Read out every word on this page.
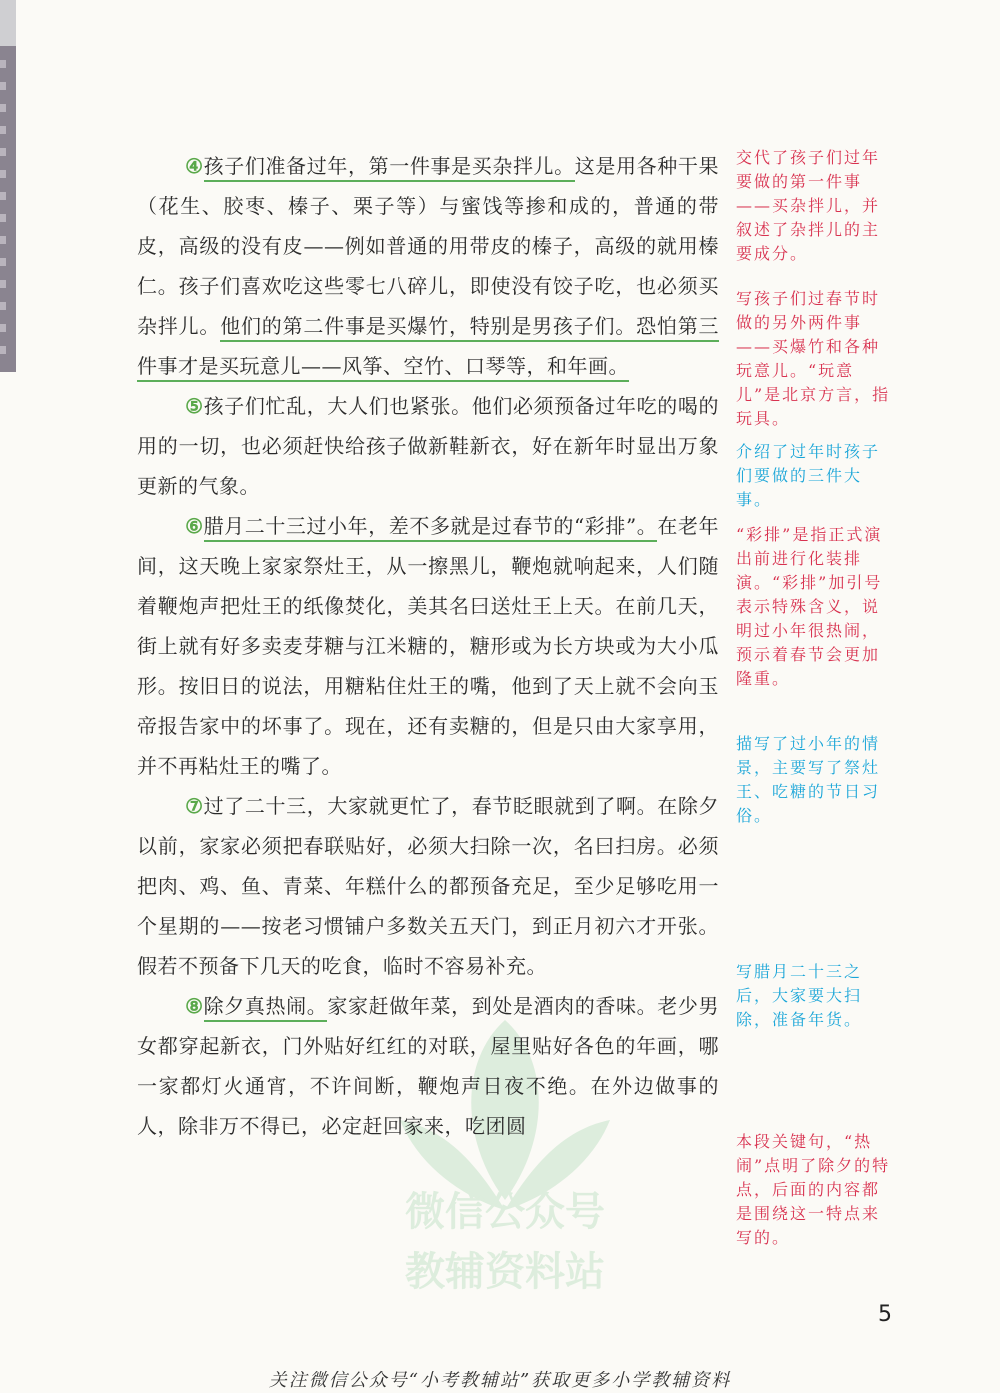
微信公众号
教辅资料站

④孩子们准备过年，第一件事是买杂拌儿。这是用各种干果（花生、胶枣、榛子、栗子等）与蜜饯等掺和成的，普通的带皮，高级的没有皮——例如普通的用带皮的榛子，高级的就用榛仁。孩子们喜欢吃这些零七八碎儿，即使没有饺子吃，也必须买杂拌儿。他们的第二件事是买爆竹，特别是男孩子们。恐怕第三件事才是买玩意儿——风筝、空竹、口琴等，和年画。

⑤孩子们忙乱，大人们也紧张。他们必须预备过年吃的喝的用的一切，也必须赶快给孩子做新鞋新衣，好在新年时显出万象更新的气象。

⑥腊月二十三过小年，差不多就是过春节的“彩排”。在老年间，这天晚上家家祭灶王，从一擦黑儿，鞭炮就响起来，人们随着鞭炮声把灶王的纸像焚化，美其名曰送灶王上天。在前几天，街上就有好多卖麦芽糖与江米糖的，糖形或为长方块或为大小瓜形。按旧日的说法，用糖粘住灶王的嘴，他到了天上就不会向玉帝报告家中的坏事了。现在，还有卖糖的，但是只由大家享用，并不再粘灶王的嘴了。

⑦过了二十三，大家就更忙了，春节眨眼就到了啊。在除夕以前，家家必须把春联贴好，必须大扫除一次，名曰扫房。必须把肉、鸡、鱼、青菜、年糕什么的都预备充足，至少足够吃用一个星期的——按老习惯铺户多数关五天门，到正月初六才开张。假若不预备下几天的吃食，临时不容易补充。

⑧除夕真热闹。家家赶做年菜，到处是酒肉的香味。老少男女都穿起新衣，门外贴好红红的对联，屋里贴好各色的年画，哪一家都灯火通宵，不许间断，鞭炮声日夜不绝。在外边做事的人，除非万不得已，必定赶回家来，吃团圆

交代了孩子们过年要做的第一件事——买杂拌儿，并叙述了杂拌儿的主要成分。

写孩子们过春节时做的另外两件事——买爆竹和各种玩意儿。“玩意儿”是北京方言，指玩具。

介绍了过年时孩子们要做的三件大事。

“彩排”是指正式演出前进行化装排演。“彩排”加引号表示特殊含义，说明过小年很热闹，预示着春节会更加隆重。

描写了过小年的情景，主要写了祭灶王、吃糖的节日习俗。

写腊月二十三之后，大家要大扫除，准备年货。

本段关键句，“热闹”点明了除夕的特点，后面的内容都是围绕这一特点来写的。

5
关注微信公众号“小考教辅站”获取更多小学教辅资料
